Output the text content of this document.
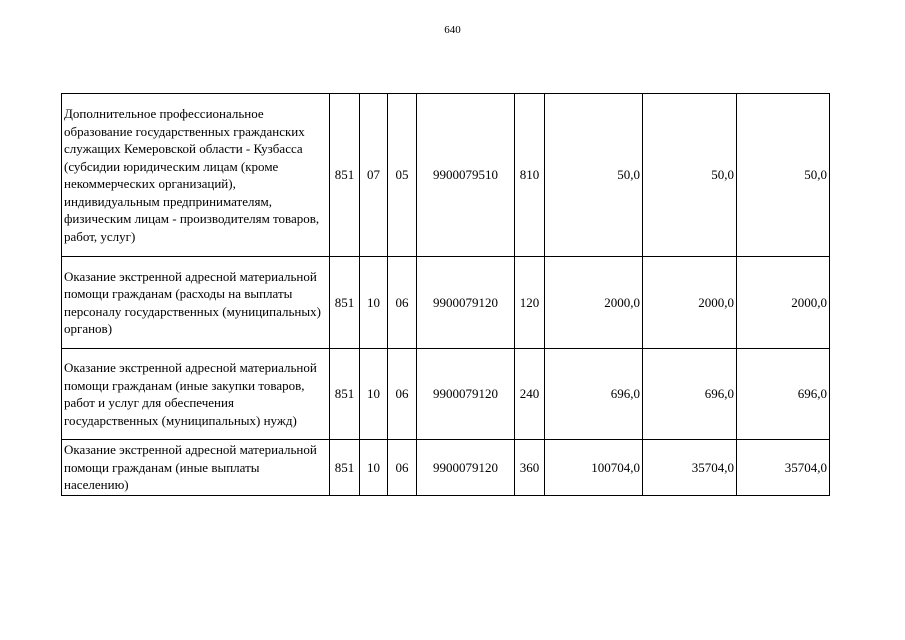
640
Дополнительное профессиональное образование государственных гражданских служащих Кемеровской области - Кузбасса (субсидии юридическим лицам (кроме некоммерческих организаций), индивидуальным предпринимателям, физическим лицам - производителям товаров, работ, услуг)	851	07	05	9900079510	810	50,0	50,0	50,0
Оказание экстренной адресной материальной помощи гражданам (расходы на выплаты персоналу государственных (муниципальных) органов)	851	10	06	9900079120	120	2000,0	2000,0	2000,0
Оказание экстренной адресной материальной помощи гражданам (иные закупки товаров, работ и услуг для обеспечения государственных (муниципальных) нужд)	851	10	06	9900079120	240	696,0	696,0	696,0
Оказание экстренной адресной материальной помощи гражданам (иные выплаты населению)	851	10	06	9900079120	360	100704,0	35704,0	35704,0
